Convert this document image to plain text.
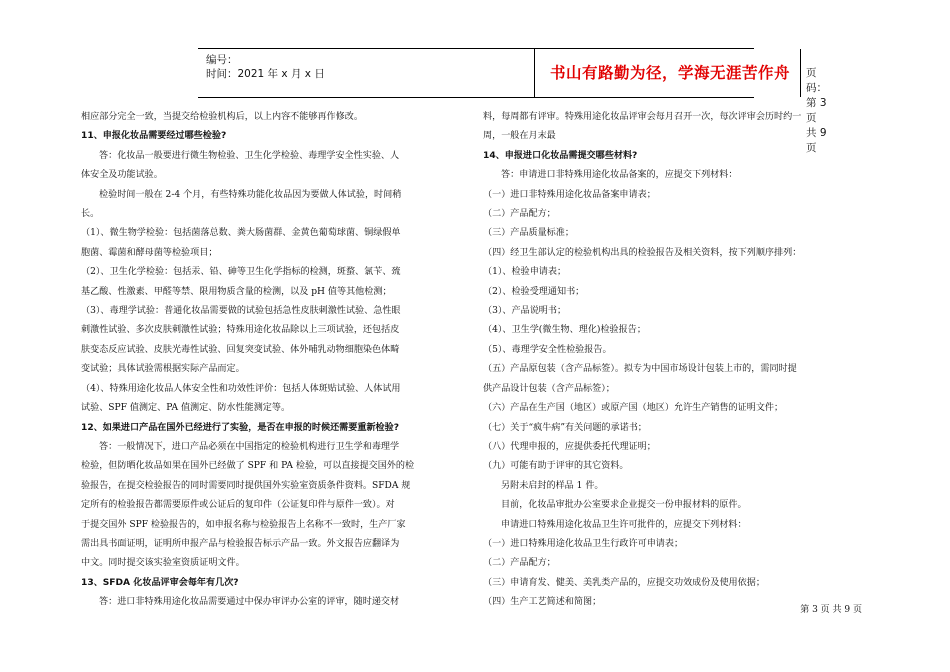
编号：
时间：2021 年 x 月 x 日	书山有路勤为径，学海无涯苦作舟	页码：第 3 页 共 9 页

相应部分完全一致，当提交给检验机构后，以上内容不能够再作修改。

11、申报化妆品需要经过哪些检验?

答：化妆品一般要进行微生物检验、卫生化学检验、毒理学安全性实验、人

体安全及功能试验。

检验时间一般在 2-4 个月，有些特殊功能化妆品因为要做人体试验，时间稍

长。

（1）、微生物学检验：包括菌落总数、粪大肠菌群、金黄色葡萄球菌、铜绿假单

胞菌、霉菌和酵母菌等检验项目；

（2）、卫生化学检验：包括汞、铅、砷等卫生化学指标的检测，斑蝥、氯苄、巯

基乙酸、性激素、甲醛等禁、限用物质含量的检测，以及 pH 值等其他检测；

（3）、毒理学试验：普通化妆品需要做的试验包括急性皮肤刺激性试验、急性眼

刺激性试验、多次皮肤刺激性试验；特殊用途化妆品除以上三项试验，还包括皮

肤变态反应试验、皮肤光毒性试验、回复突变试验、体外哺乳动物细胞染色体畸

变试验；具体试验需根据实际产品而定。

（4）、特殊用途化妆品人体安全性和功效性评价：包括人体斑贴试验、人体试用

试验、SPF 值测定、PA 值测定、防水性能测定等。

12、如果进口产品在国外已经进行了实验，是否在申报的时候还需要重新检验?

答：一般情况下，进口产品必须在中国指定的检验机构进行卫生学和毒理学

检验，但防晒化妆品如果在国外已经做了 SPF 和 PA 检验，可以直接提交国外的检

验报告，在提交检验报告的同时需要同时提供国外实验室资质条件资料。SFDA 规

定所有的检验报告都需要原件或公证后的复印件（公证复印件与原件一致）。对

于提交国外 SPF 检验报告的，如申报名称与检验报告上名称不一致时，生产厂家

需出具书面证明，证明所申报产品与检验报告标示产品一致。外文报告应翻译为

中文。同时提交该实验室资质证明文件。

13、SFDA 化妆品评审会每年有几次?

答：进口非特殊用途化妆品需要通过中保办审评办公室的评审，随时递交材

料，每周都有评审。特殊用途化妆品评审会每月召开一次，每次评审会历时约一

周，一般在月末最

14、申报进口化妆品需提交哪些材料?

答：申请进口非特殊用途化妆品备案的，应提交下列材料：

（一）进口非特殊用途化妆品备案申请表；

（二）产品配方；

（三）产品质量标准；

（四）经卫生部认定的检验机构出具的检验报告及相关资料，按下列顺序排列：

（1）、检验申请表；

（2）、检验受理通知书；

（3）、产品说明书；

（4）、卫生学(微生物、理化)检验报告；

（5）、毒理学安全性检验报告。

（五）产品原包装（含产品标签）。拟专为中国市场设计包装上市的，需同时提

供产品设计包装（含产品标签）；

（六）产品在生产国（地区）或原产国（地区）允许生产销售的证明文件；

（七）关于“疯牛病”有关问题的承诺书；

（八）代理申报的，应提供委托代理证明；

（九）可能有助于评审的其它资料。

另附未启封的样品 1 件。

目前，化妆品审批办公室要求企业提交一份申报材料的原件。

申请进口特殊用途化妆品卫生许可批件的，应提交下列材料：

（一）进口特殊用途化妆品卫生行政许可申请表；

（二）产品配方；

（三）申请育发、健美、美乳类产品的，应提交功效成份及使用依据；

（四）生产工艺简述和简图；

第 3 页 共 9 页
